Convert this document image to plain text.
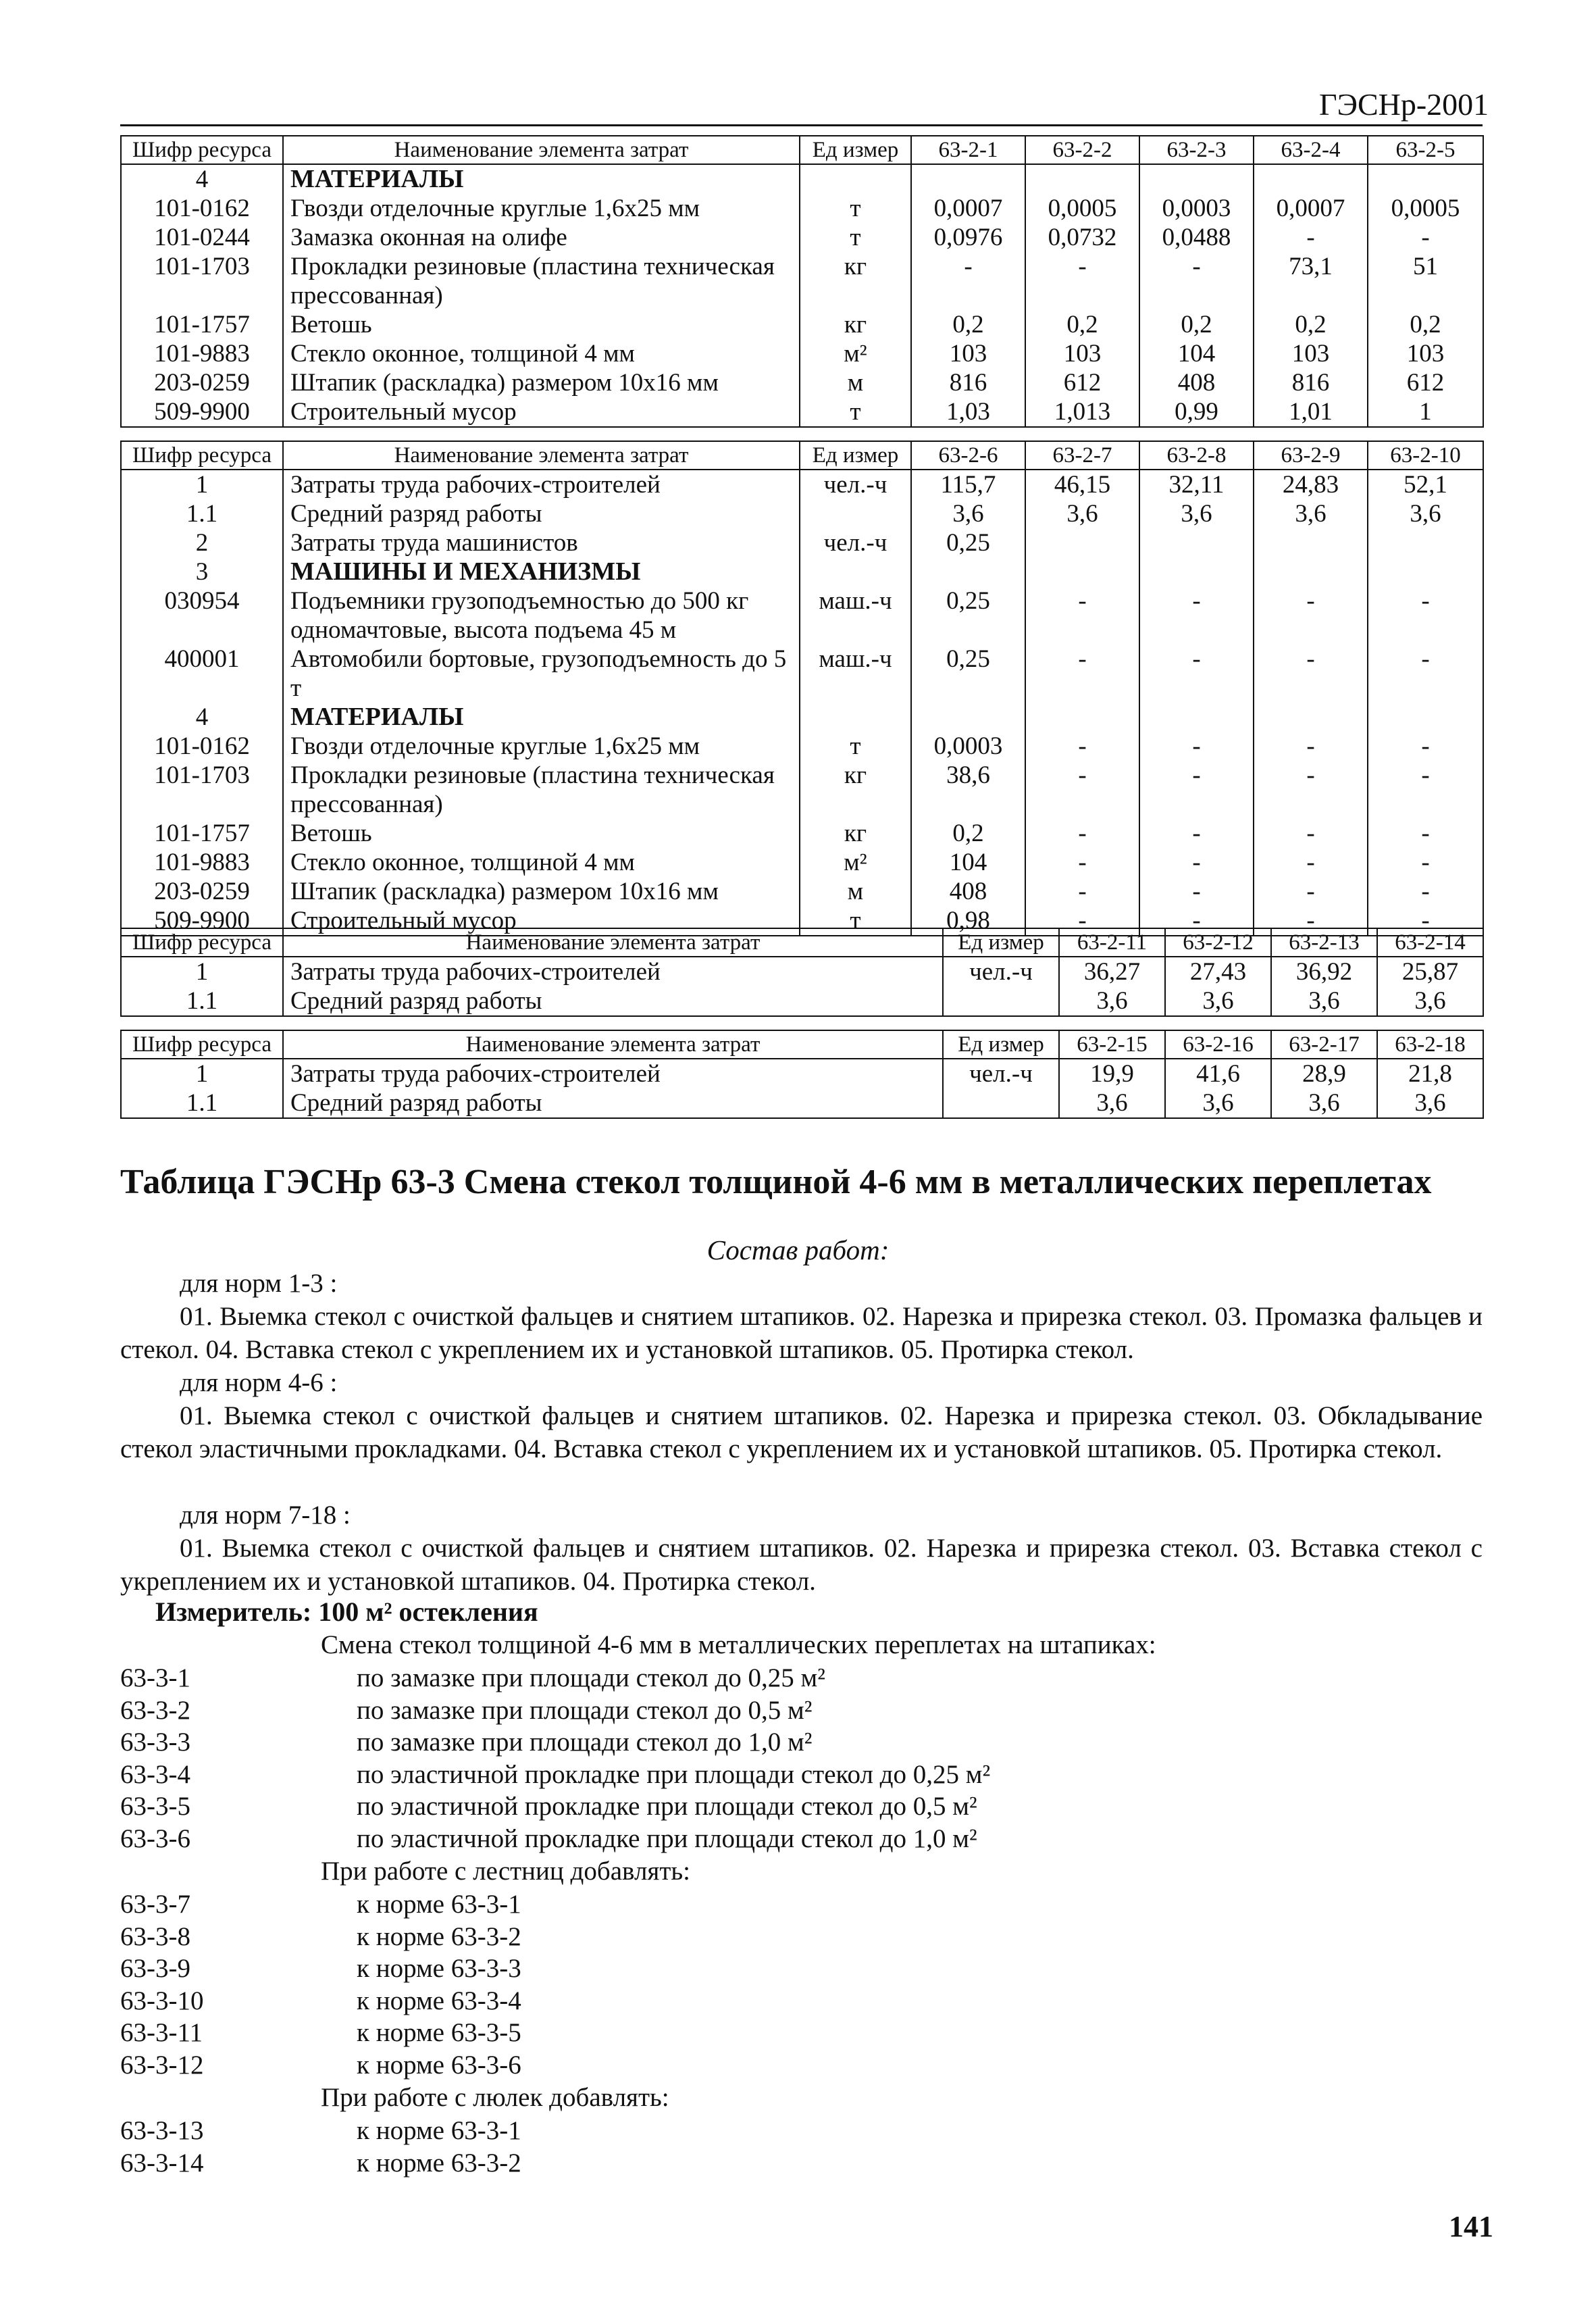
ГЭСНр-2001
Шифр ресурса	Наименование элемента затрат	Ед измер	63-2-1	63-2-2	63-2-3	63-2-4	63-2-5
4	МАТЕРИАЛЫ						
101-0162	Гвозди отделочные круглые 1,6х25 мм	т	0,0007	0,0005	0,0003	0,0007	0,0005
101-0244	Замазка оконная на олифе	т	0,0976	0,0732	0,0488	-	-
101-1703	Прокладки резиновые (пластина техническая прессованная)	кг	-	-	-	73,1	51
101-1757	Ветошь	кг	0,2	0,2	0,2	0,2	0,2
101-9883	Стекло оконное, толщиной 4 мм	м²	103	103	104	103	103
203-0259	Штапик (раскладка) размером 10х16 мм	м	816	612	408	816	612
509-9900	Строительный мусор	т	1,03	1,013	0,99	1,01	1
Шифр ресурса	Наименование элемента затрат	Ед измер	63-2-6	63-2-7	63-2-8	63-2-9	63-2-10
1	Затраты труда рабочих-строителей	чел.-ч	115,7	46,15	32,11	24,83	52,1
1.1	Средний разряд работы		3,6	3,6	3,6	3,6	3,6
2	Затраты труда машинистов	чел.-ч	0,25				
3	МАШИНЫ И МЕХАНИЗМЫ						
030954	Подъемники грузоподъемностью до 500 кг одномачтовые, высота подъема 45 м	маш.-ч	0,25	-	-	-	-
400001	Автомобили бортовые, грузоподъемность до 5 т	маш.-ч	0,25	-	-	-	-
4	МАТЕРИАЛЫ						
101-0162	Гвозди отделочные круглые 1,6х25 мм	т	0,0003	-	-	-	-
101-1703	Прокладки резиновые (пластина техническая прессованная)	кг	38,6	-	-	-	-
101-1757	Ветошь	кг	0,2	-	-	-	-
101-9883	Стекло оконное, толщиной 4 мм	м²	104	-	-	-	-
203-0259	Штапик (раскладка) размером 10х16 мм	м	408	-	-	-	-
509-9900	Строительный мусор	т	0,98	-	-	-	-
Шифр ресурса	Наименование элемента затрат	Ед измер	63-2-11	63-2-12	63-2-13	63-2-14
1	Затраты труда рабочих-строителей	чел.-ч	36,27	27,43	36,92	25,87
1.1	Средний разряд работы		3,6	3,6	3,6	3,6
Шифр ресурса	Наименование элемента затрат	Ед измер	63-2-15	63-2-16	63-2-17	63-2-18
1	Затраты труда рабочих-строителей	чел.-ч	19,9	41,6	28,9	21,8
1.1	Средний разряд работы		3,6	3,6	3,6	3,6
Таблица ГЭСНр 63-3 Смена стекол толщиной 4-6 мм в металлических переплетах
Состав работ:
для норм 1-3 :
01. Выемка стекол с очисткой фальцев и снятием штапиков. 02. Нарезка и прирезка стекол. 03. Промазка фальцев и стекол. 04. Вставка стекол с укреплением их и установкой штапиков. 05. Протирка стекол.
для норм 4-6 :
01. Выемка стекол с очисткой фальцев и снятием штапиков. 02. Нарезка и прирезка стекол. 03. Обкладывание стекол эластичными прокладками. 04. Вставка стекол с укреплением их и установкой штапиков. 05. Протирка стекол.
для норм 7-18 :
01. Выемка стекол с очисткой фальцев и снятием штапиков. 02. Нарезка и прирезка стекол. 03. Вставка стекол с укреплением их и установкой штапиков. 04. Протирка стекол.
Измеритель: 100 м² остекления
Смена стекол толщиной 4-6 мм в металлических переплетах на штапиках:
63-3-1	по замазке при площади стекол до 0,25 м²
63-3-2	по замазке при площади стекол до 0,5 м²
63-3-3	по замазке при площади стекол до 1,0 м²
63-3-4	по эластичной прокладке при площади стекол до 0,25 м²
63-3-5	по эластичной прокладке при площади стекол до 0,5 м²
63-3-6	по эластичной прокладке при площади стекол до 1,0 м²
При работе с лестниц добавлять:
63-3-7	к норме 63-3-1
63-3-8	к норме 63-3-2
63-3-9	к норме 63-3-3
63-3-10	к норме 63-3-4
63-3-11	к норме 63-3-5
63-3-12	к норме 63-3-6
При работе с люлек добавлять:
63-3-13	к норме 63-3-1
63-3-14	к норме 63-3-2
141
